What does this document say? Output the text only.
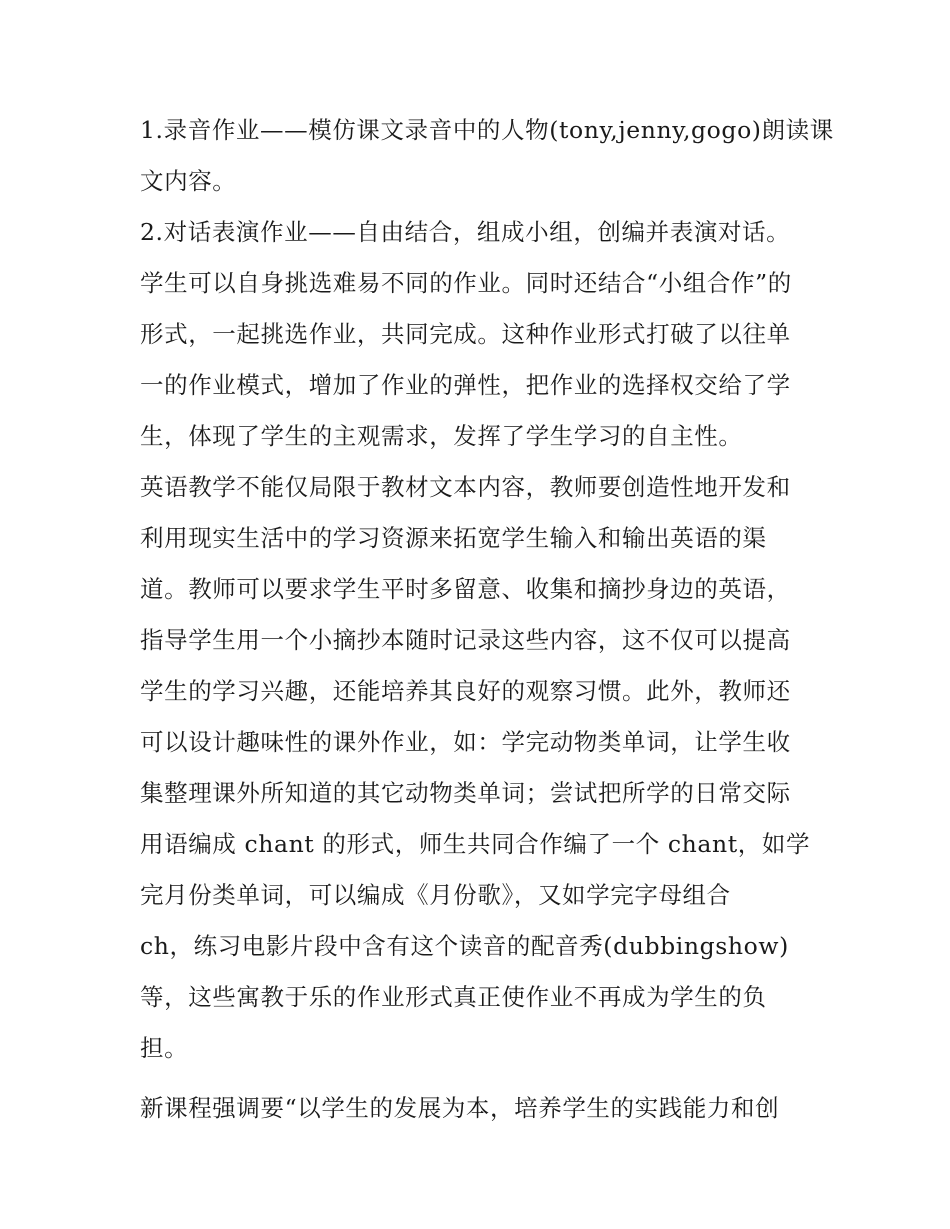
1.录音作业——模仿课文录音中的人物(tony,jenny,gogo)朗读课
文内容。
2.对话表演作业——自由结合，组成小组，创编并表演对话。
学生可以自身挑选难易不同的作业。同时还结合“小组合作”的
形式，一起挑选作业，共同完成。这种作业形式打破了以往单
一的作业模式，增加了作业的弹性，把作业的选择权交给了学
生，体现了学生的主观需求，发挥了学生学习的自主性。
英语教学不能仅局限于教材文本内容，教师要创造性地开发和
利用现实生活中的学习资源来拓宽学生输入和输出英语的渠
道。教师可以要求学生平时多留意、收集和摘抄身边的英语，
指导学生用一个小摘抄本随时记录这些内容，这不仅可以提高
学生的学习兴趣，还能培养其良好的观察习惯。此外，教师还
可以设计趣味性的课外作业，如：学完动物类单词，让学生收
集整理课外所知道的其它动物类单词；尝试把所学的日常交际
用语编成 chant 的形式，师生共同合作编了一个 chant，如学
完月份类单词，可以编成《月份歌》，又如学完字母组合
ch，练习电影片段中含有这个读音的配音秀(dubbingshow)
等，这些寓教于乐的作业形式真正使作业不再成为学生的负
担。
新课程强调要“以学生的发展为本，培养学生的实践能力和创
